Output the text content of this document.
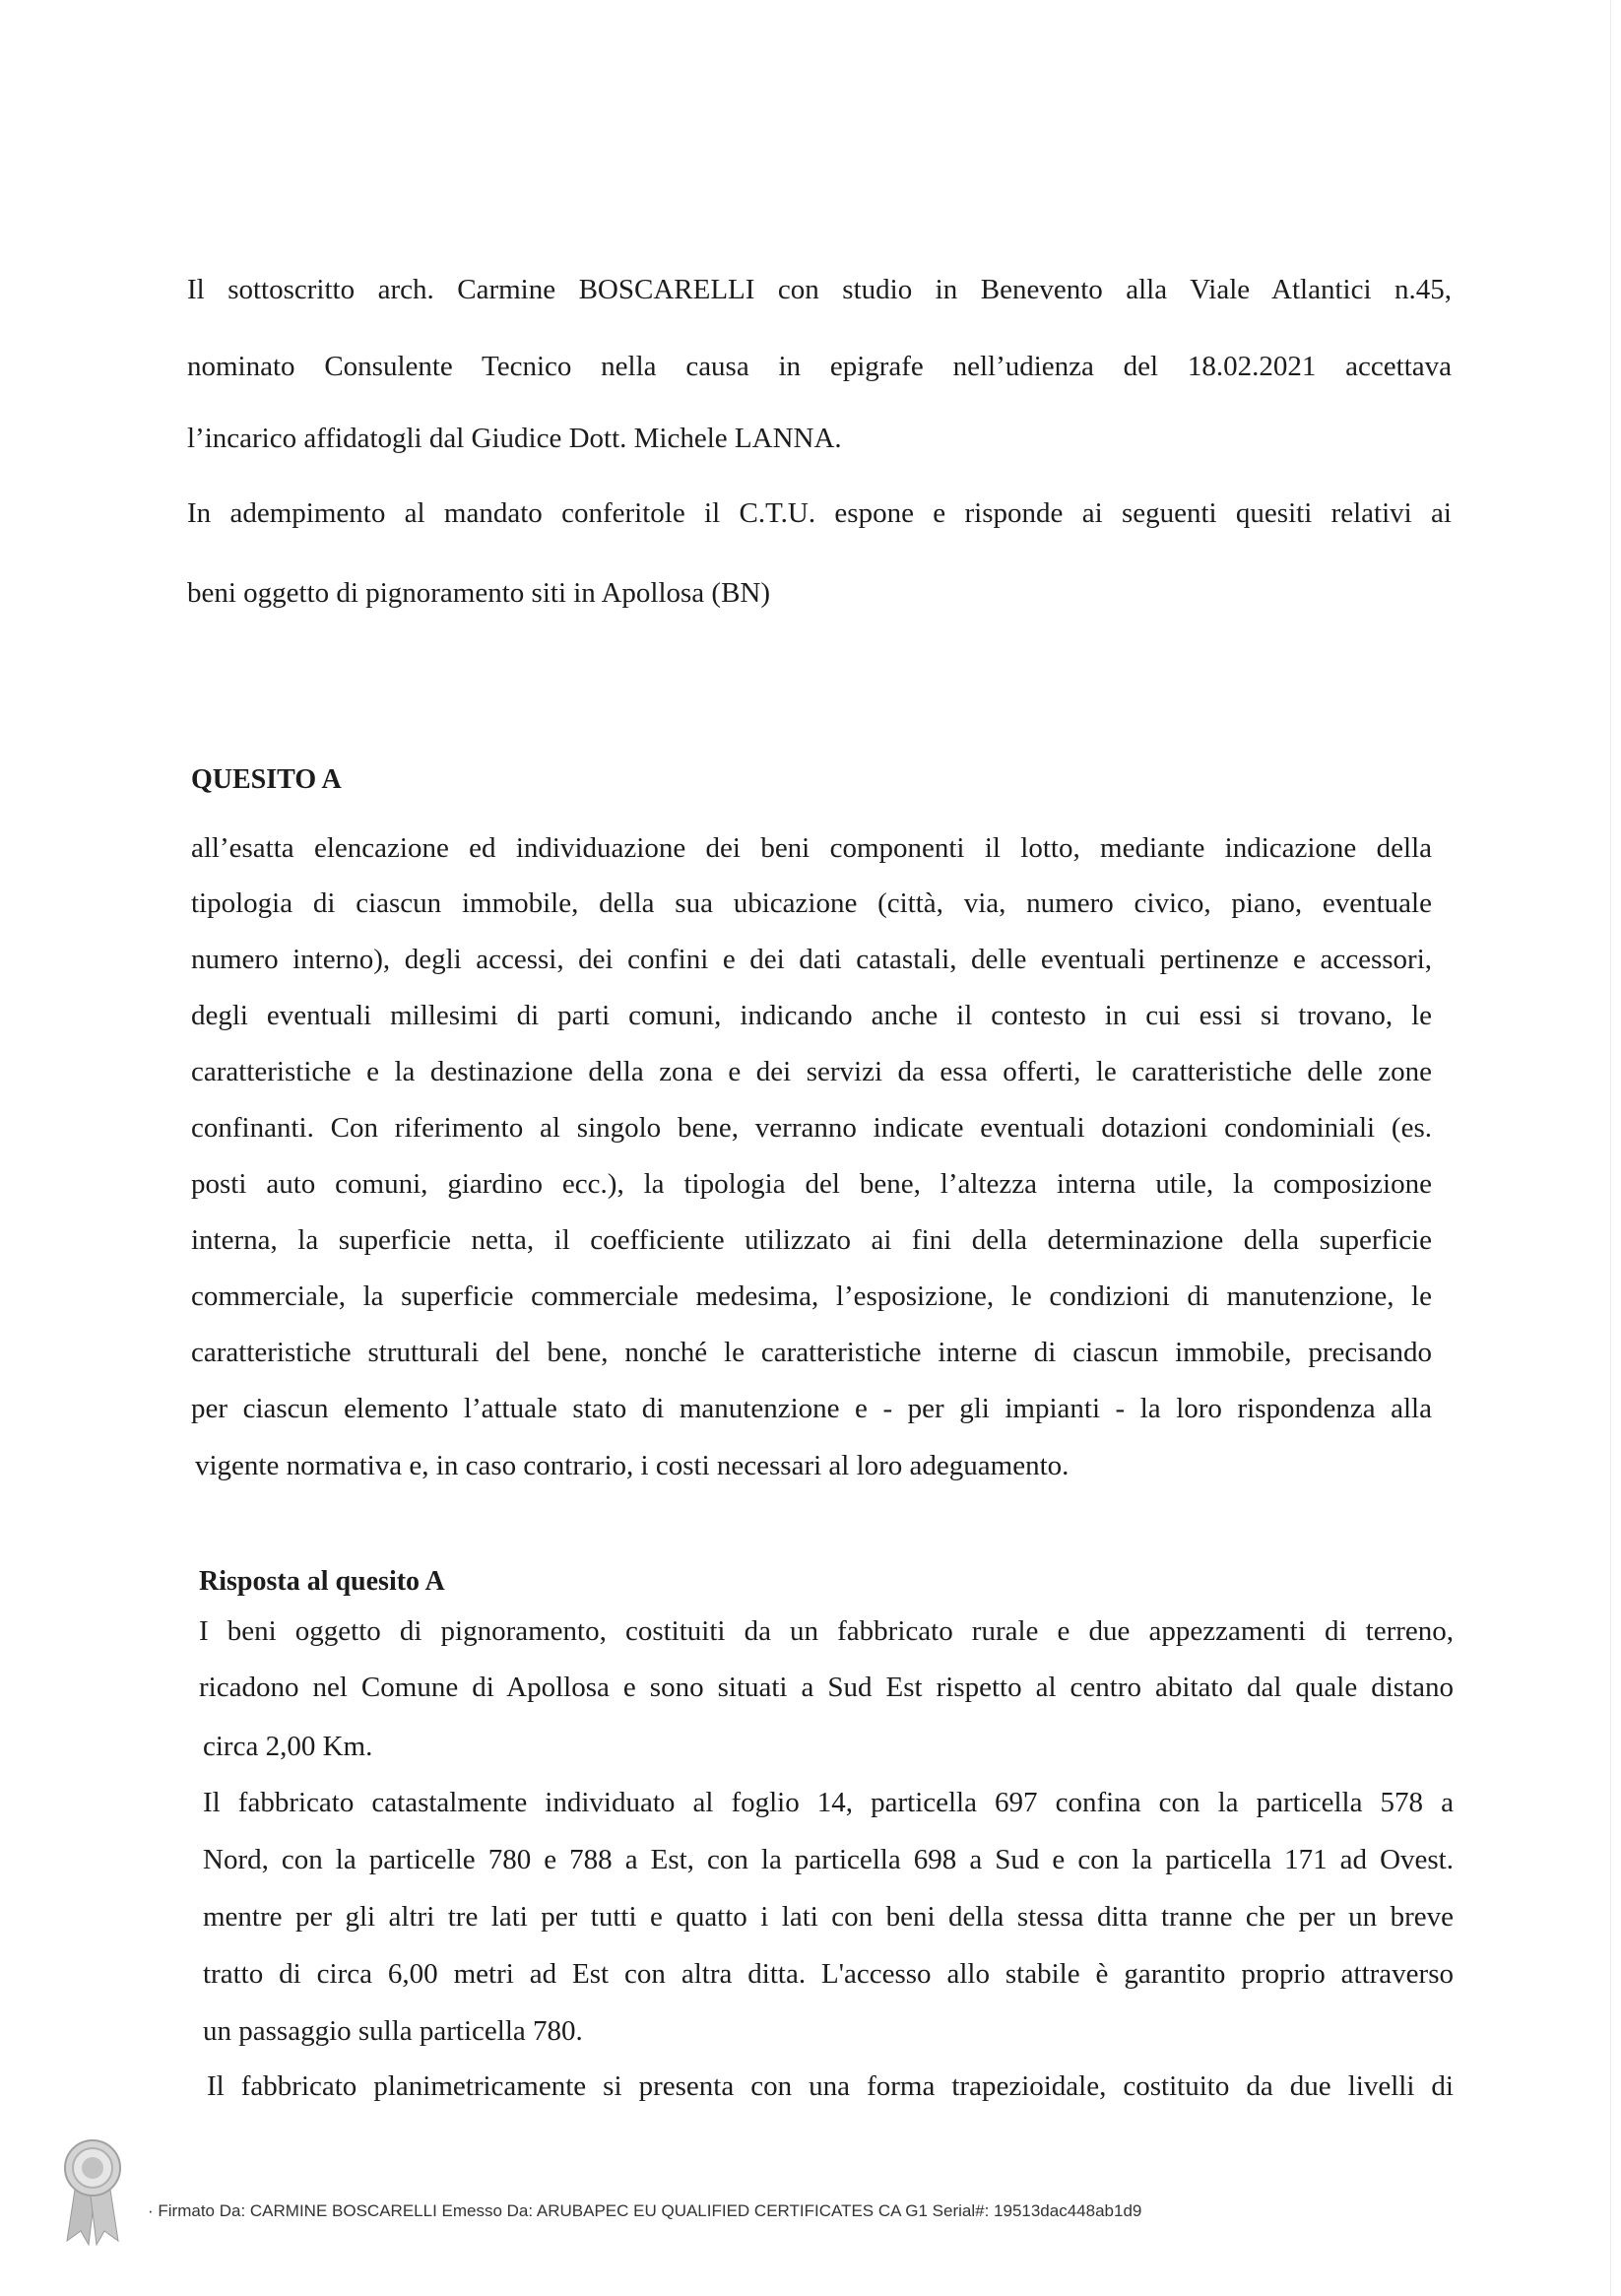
Il sottoscritto arch. Carmine BOSCARELLI con studio in Benevento alla Viale Atlantici n.45,
nominato Consulente Tecnico nella causa in epigrafe nell’udienza del 18.02.2021 accettava
l’incarico affidatogli dal Giudice Dott. Michele LANNA.
In adempimento al mandato conferitole il C.T.U. espone e risponde ai seguenti quesiti relativi ai
beni oggetto di pignoramento siti in Apollosa (BN)
QUESITO A
all’esatta elencazione ed individuazione dei beni componenti il lotto, mediante indicazione della
tipologia di ciascun immobile, della sua ubicazione (città, via, numero civico, piano, eventuale
numero interno), degli accessi, dei confini e dei dati catastali, delle eventuali pertinenze e accessori,
degli eventuali millesimi di parti comuni, indicando anche il contesto in cui essi si trovano, le
caratteristiche e la destinazione della zona e dei servizi da essa offerti, le caratteristiche delle zone
confinanti. Con riferimento al singolo bene, verranno indicate eventuali dotazioni condominiali (es.
posti auto comuni, giardino ecc.), la tipologia del bene, l’altezza interna utile, la composizione
interna, la superficie netta, il coefficiente utilizzato ai fini della determinazione della superficie
commerciale, la superficie commerciale medesima, l’esposizione, le condizioni di manutenzione, le
caratteristiche strutturali del bene, nonché le caratteristiche interne di ciascun immobile, precisando
per ciascun elemento l’attuale stato di manutenzione e - per gli impianti - la loro rispondenza alla
vigente normativa e, in caso contrario, i costi necessari al loro adeguamento.
Risposta al quesito A
I beni oggetto di pignoramento, costituiti da un fabbricato rurale e due appezzamenti di terreno,
ricadono nel Comune di Apollosa e sono situati a Sud Est rispetto al centro abitato dal quale distano
circa 2,00 Km.
Il fabbricato catastalmente individuato al foglio 14, particella 697 confina con la particella 578 a
Nord, con la particelle 780 e 788 a Est, con la particella 698 a Sud e con la particella 171 ad Ovest.
mentre per gli altri tre lati per tutti e quatto i lati con beni della stessa ditta tranne che per un breve
tratto di circa 6,00 metri ad Est con altra ditta. L'accesso allo stabile è garantito proprio attraverso
un passaggio sulla particella 780.
Il fabbricato planimetricamente si presenta con una forma trapezioidale, costituito da due livelli di
· Firmato Da: CARMINE BOSCARELLI Emesso Da: ARUBAPEC EU QUALIFIED CERTIFICATES CA G1 Serial#: 19513dac448ab1d9
